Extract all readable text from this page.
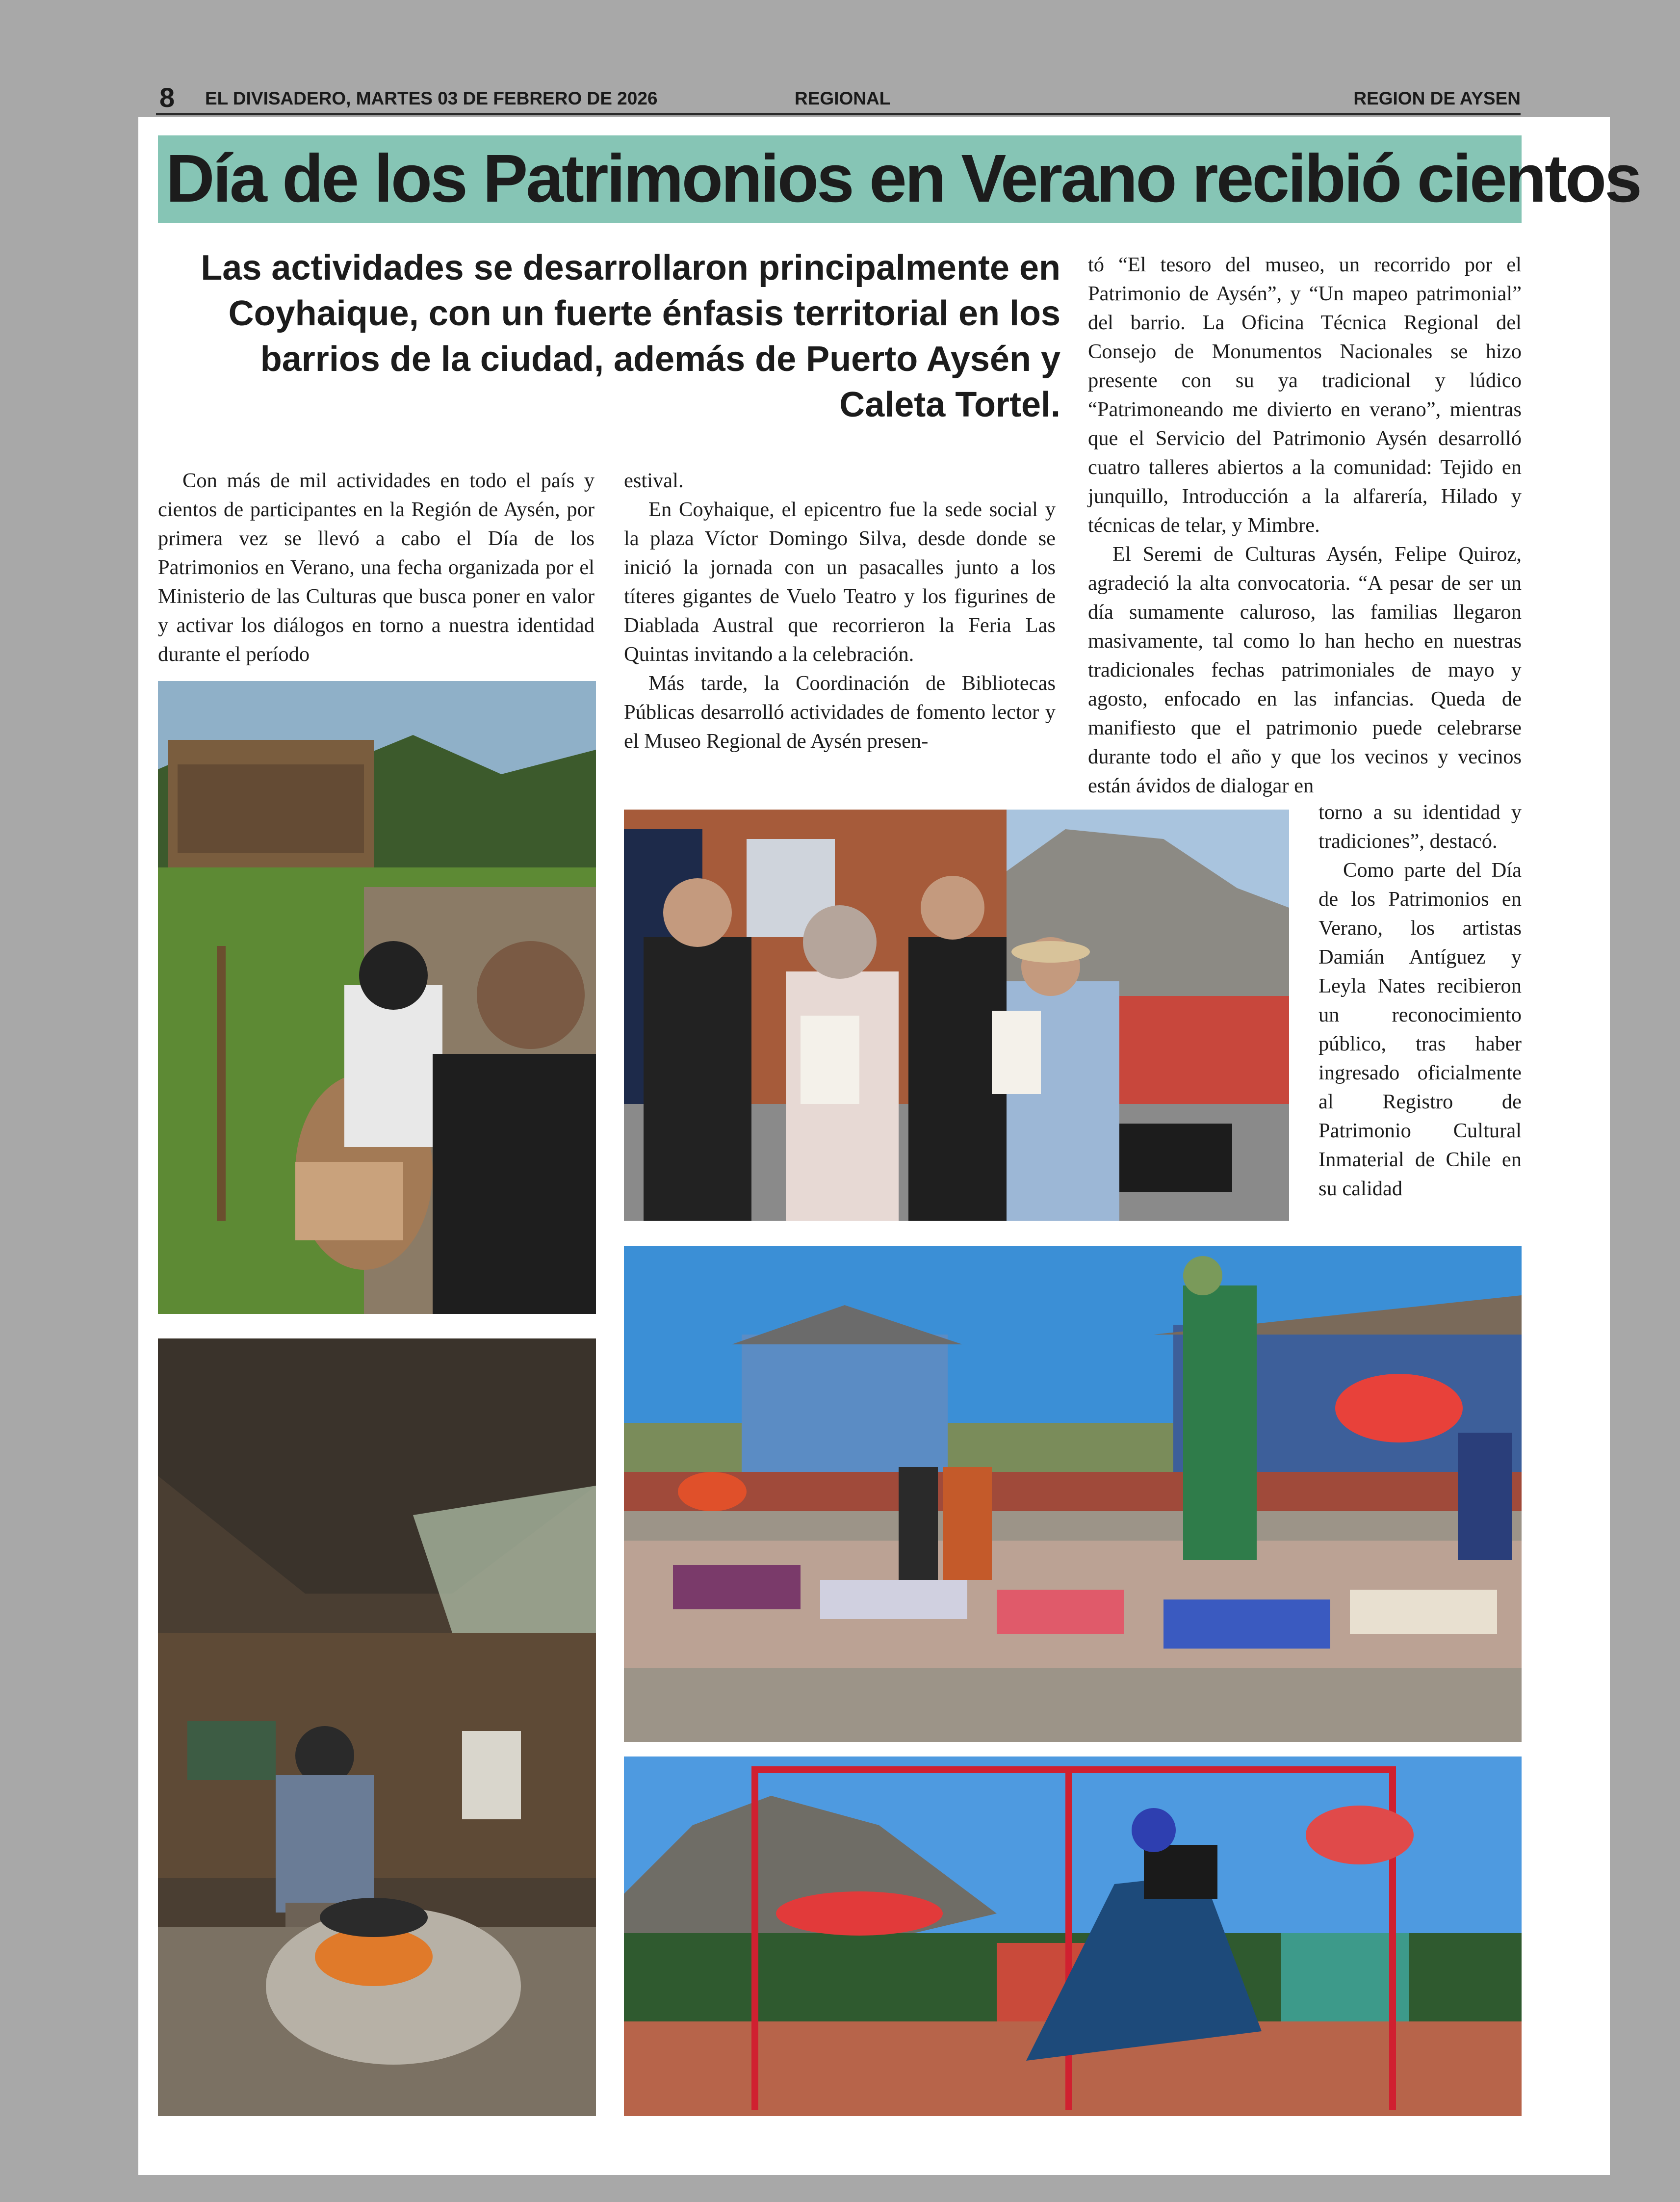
8 EL DIVISADERO, MARTES 03 DE FEBRERO DE 2026	REGIONAL	REGION DE AYSEN
Día de los Patrimonios en Verano recibió cientos
Las actividades se desarrollaron principalmente en Coyhaique, con un fuerte énfasis territorial en los barrios de la ciudad, además de Puerto Aysén y Caleta Tortel.

Con más de mil actividades en todo el país y cientos de participantes en la Región de Aysén, por primera vez se llevó a cabo el Día de los Patrimonios en Verano, una fecha organizada por el Ministerio de las Culturas que busca poner en valor y activar los diálogos en torno a nuestra identidad durante el período

estival.

En Coyhaique, el epicentro fue la sede social y la plaza Víctor Domingo Silva, desde donde se inició la jornada con un pasacalles junto a los títeres gigantes de Vuelo Teatro y los figurines de Diablada Austral que recorrieron la Feria Las Quintas invitando a la celebración.

Más tarde, la Coordinación de Bibliotecas Públicas desarrolló actividades de fomento lector y el Museo Regional de Aysén presen-

tó “El tesoro del museo, un recorrido por el Patrimonio de Aysén”, y “Un mapeo patrimonial” del barrio. La Oficina Técnica Regional del Consejo de Monumentos Nacionales se hizo presente con su ya tradicional y lúdico “Patrimoneando me divierto en verano”, mientras que el Servicio del Patrimonio Aysén desarrolló cuatro talleres abiertos a la comunidad: Tejido en junquillo, Introducción a la alfarería, Hilado y técnicas de telar, y Mimbre.

El Seremi de Culturas Aysén, Felipe Quiroz, agradeció la alta convocatoria. “A pesar de ser un día sumamente caluroso, las familias llegaron masivamente, tal como lo han hecho en nuestras tradicionales fechas patrimoniales de mayo y agosto, enfocado en las infancias. Queda de manifiesto que el patrimonio puede celebrarse durante todo el año y que los vecinos y vecinos están ávidos de dialogar en

torno a su identidad y tradiciones”, destacó.

Como parte del Día de los Patrimonios en Verano, los artistas Damián Antíguez y Leyla Nates recibieron un reconocimiento público, tras haber ingresado oficialmente al Registro de Patrimonio Cultural Inmaterial de Chile en su calidad
